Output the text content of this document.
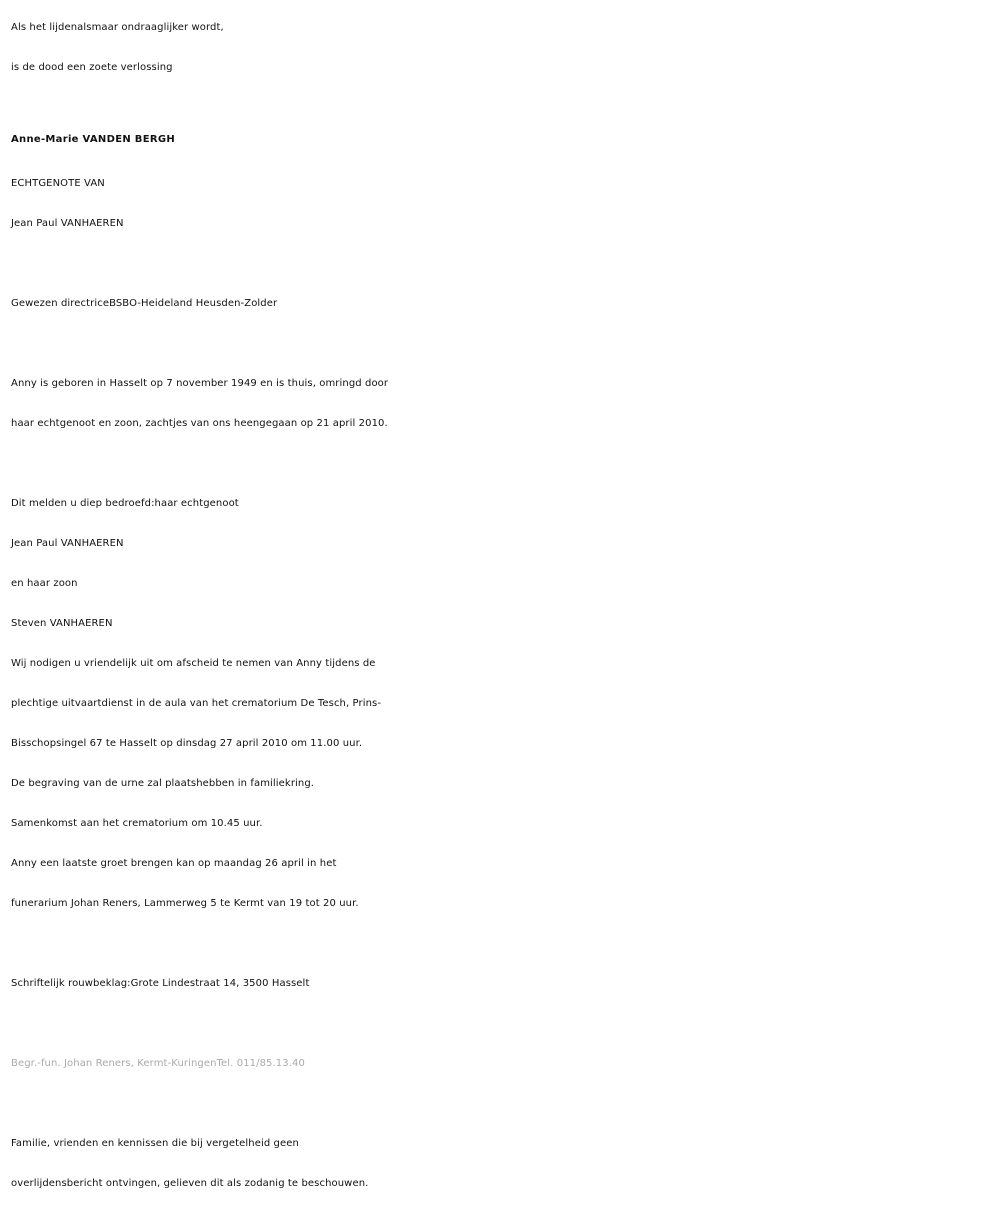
Als het lijdenalsmaar ondraaglijker wordt,
is de dood een zoete verlossing
Anne-Marie VANDEN BERGH
ECHTGENOTE VAN
Jean Paul VANHAEREN
Gewezen directriceBSBO-Heideland Heusden-Zolder
Anny is geboren in Hasselt op 7 november 1949 en is thuis, omringd door
haar echtgenoot en zoon, zachtjes van ons heengegaan op 21 april 2010.
Dit melden u diep bedroefd:haar echtgenoot
Jean Paul VANHAEREN
en haar zoon
Steven VANHAEREN
Wij nodigen u vriendelijk uit om afscheid te nemen van Anny tijdens de
plechtige uitvaartdienst in de aula van het crematorium De Tesch, Prins-
Bisschopsingel 67 te Hasselt op dinsdag 27 april 2010 om 11.00 uur.
De begraving van de urne zal plaatshebben in familiekring.
Samenkomst aan het crematorium om 10.45 uur.
Anny een laatste groet brengen kan op maandag 26 april in het
funerarium Johan Reners, Lammerweg 5 te Kermt van 19 tot 20 uur.
Schriftelijk rouwbeklag:Grote Lindestraat 14, 3500 Hasselt
Begr.-fun. Johan Reners, Kermt-KuringenTel. 011/85.13.40
Familie, vrienden en kennissen die bij vergetelheid geen
overlijdensbericht ontvingen, gelieven dit als zodanig te beschouwen.
